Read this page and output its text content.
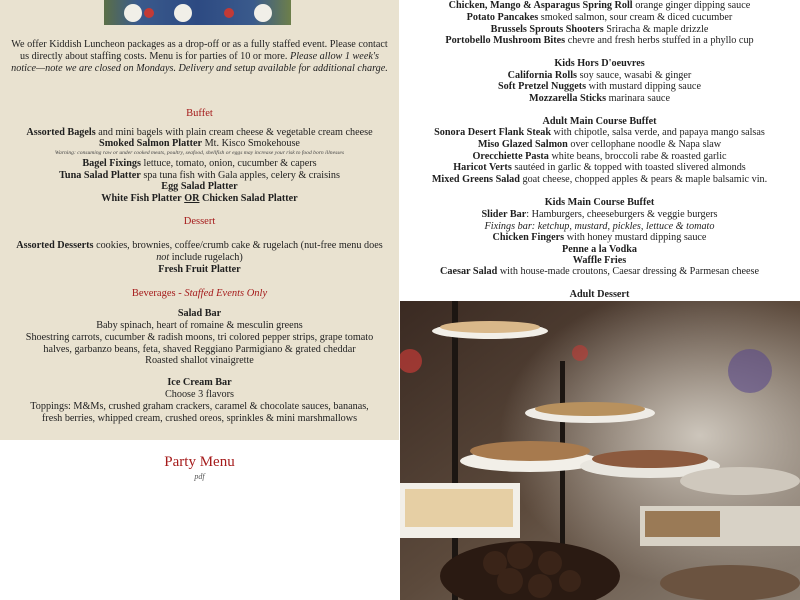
We offer Kiddish Luncheon packages as a drop-off or as a fully staffed event. Please contact us directly about staffing costs. Menu is for parties of 10 or more. Please allow 1 week's notice—note we are closed on Mondays. Delivery and setup available for additional charge.
Buffet
Assorted Bagels and mini bagels with plain cream cheese & vegetable cream cheese
Smoked Salmon Platter Mt. Kisco Smokehouse
Warning: consuming raw or under cooked meats, poultry, seafood, shellfish or eggs may increase your risk to food born illnesses
Bagel Fixings lettuce, tomato, onion, cucumber & capers
Tuna Salad Platter spa tuna fish with Gala apples, celery & craisins
Egg Salad Platter
White Fish Platter OR Chicken Salad Platter
Dessert
Assorted Desserts cookies, brownies, coffee/crumb cake & rugelach (nut-free menu does not include rugelach)
Fresh Fruit Platter
Beverages - Staffed Events Only
Chicken, Mango & Asparagus Spring Roll orange ginger dipping sauce
Potato Pancakes smoked salmon, sour cream & diced cucumber
Brussels Sprouts Shooters Sriracha & maple drizzle
Portobello Mushroom Bites chevre and fresh herbs stuffed in a phyllo cup
Kids Hors D'oeuvres
California Rolls soy sauce, wasabi & ginger
Soft Pretzel Nuggets with mustard dipping sauce
Mozzarella Sticks marinara sauce
Adult Main Course Buffet
Sonora Desert Flank Steak with chipotle, salsa verde, and papaya mango salsas
Miso Glazed Salmon over cellophane noodle & Napa slaw
Orecchiette Pasta white beans, broccoli rabe & roasted garlic
Haricot Verts sautéed in garlic & topped with toasted slivered almonds
Mixed Greens Salad goat cheese, chopped apples & pears & maple balsamic vin.
Kids Main Course Buffet
Slider Bar: Hamburgers, cheeseburgers & veggie burgers
Fixings bar: ketchup, mustard, pickles, lettuce & tomato
Chicken Fingers with honey mustard dipping sauce
Penne a la Vodka
Waffle Fries
Caesar Salad with house-made croutons, Caesar dressing & Parmesan cheese
Adult Dessert
Salad Bar
Baby spinach, heart of romaine & mesculin greens
Shoestring carrots, cucumber & radish moons, tri colored pepper strips, grape tomato halves, garbanzo beans, feta, shaved Reggiano Parmigiano & grated cheddar
Roasted shallot vinaigrette
Ice Cream Bar
Choose 3 flavors
Toppings: M&Ms, crushed graham crackers, caramel & chocolate sauces, bananas, fresh berries, whipped cream, crushed oreos, sprinkles & mini marshmallows
Party Menu
pdf
